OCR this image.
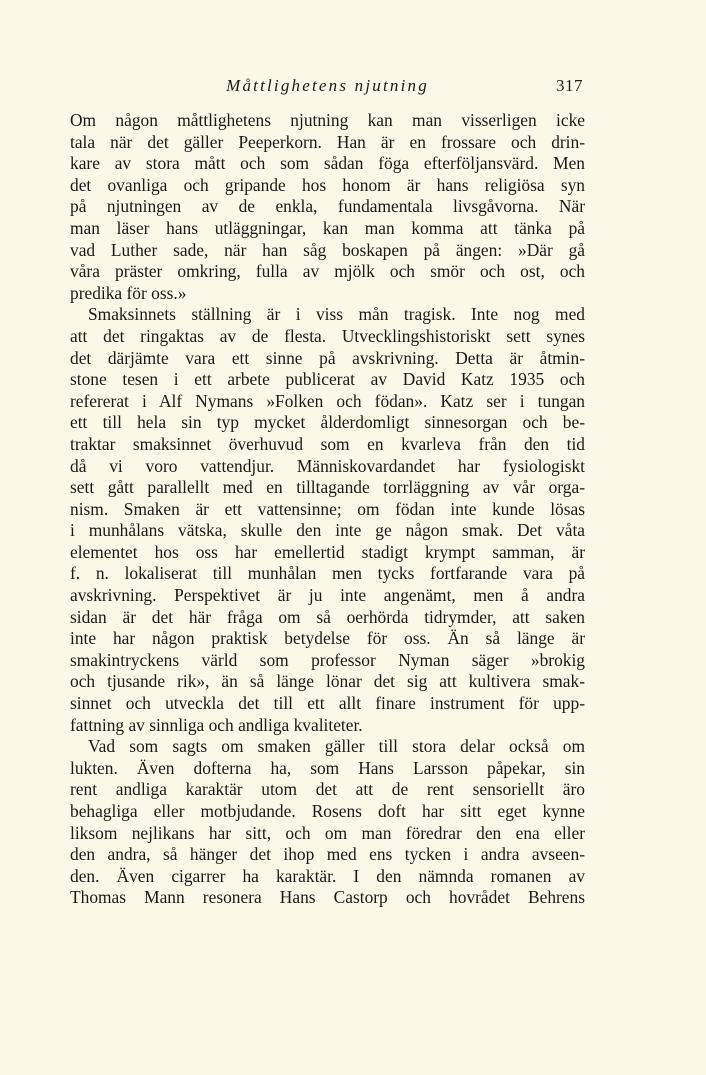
Måttlighetens njutning	317
Om någon måttlighetens njutning kan man visserligen icke
tala när det gäller Peeperkorn. Han är en frossare och drin-
kare av stora mått och som sådan föga efterföljansvärd. Men
det ovanliga och gripande hos honom är hans religiösa syn
på njutningen av de enkla, fundamentala livsgåvorna. När
man läser hans utläggningar, kan man komma att tänka på
vad Luther sade, när han såg boskapen på ängen: »Där gå
våra präster omkring, fulla av mjölk och smör och ost, och
predika för oss.»
Smaksinnets ställning är i viss mån tragisk. Inte nog med
att det ringaktas av de flesta. Utvecklingshistoriskt sett synes
det därjämte vara ett sinne på avskrivning. Detta är åtmin-
stone tesen i ett arbete publicerat av David Katz 1935 och
refererat i Alf Nymans »Folken och födan». Katz ser i tungan
ett till hela sin typ mycket ålderdomligt sinnesorgan och be-
traktar smaksinnet överhuvud som en kvarleva från den tid
då vi voro vattendjur. Människovardandet har fysiologiskt
sett gått parallellt med en tilltagande torrläggning av vår orga-
nism. Smaken är ett vattensinne; om födan inte kunde lösas
i munhålans vätska, skulle den inte ge någon smak. Det våta
elementet hos oss har emellertid stadigt krympt samman, är
f. n. lokaliserat till munhålan men tycks fortfarande vara på
avskrivning. Perspektivet är ju inte angenämt, men å andra
sidan är det här fråga om så oerhörda tidrymder, att saken
inte har någon praktisk betydelse för oss. Än så länge är
smakintryckens värld som professor Nyman säger »brokig
och tjusande rik», än så länge lönar det sig att kultivera smak-
sinnet och utveckla det till ett allt finare instrument för upp-
fattning av sinnliga och andliga kvaliteter.
Vad som sagts om smaken gäller till stora delar också om
lukten. Även dofterna ha, som Hans Larsson påpekar, sin
rent andliga karaktär utom det att de rent sensoriellt äro
behagliga eller motbjudande. Rosens doft har sitt eget kynne
liksom nejlikans har sitt, och om man föredrar den ena eller
den andra, så hänger det ihop med ens tycken i andra avseen-
den. Även cigarrer ha karaktär. I den nämnda romanen av
Thomas Mann resonera Hans Castorp och hovrådet Behrens
